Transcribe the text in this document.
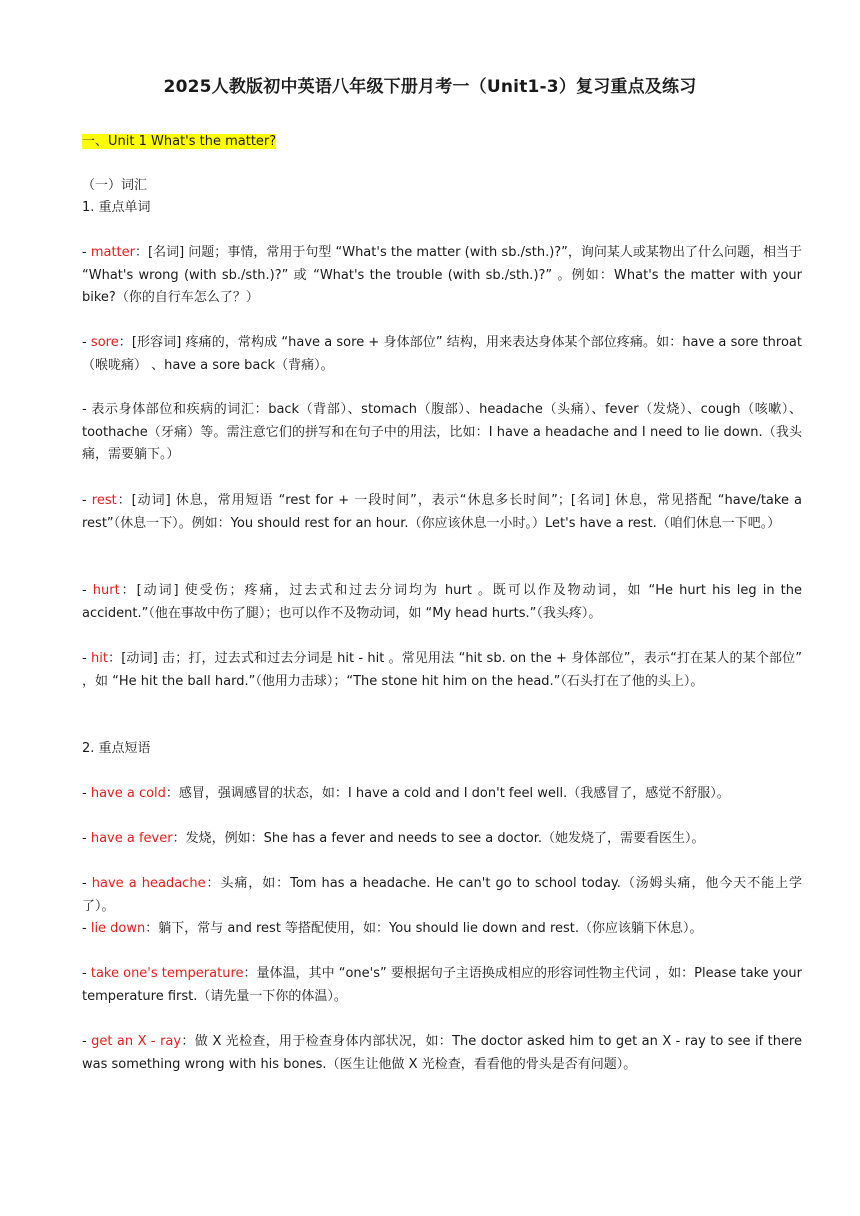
2025人教版初中英语八年级下册月考一（Unit1-3）复习重点及练习
一、Unit 1 What's the matter?
（一）词汇
1. 重点单词
- matter：[名词] 问题；事情，常用于句型 “What's the matter (with sb./sth.)?”，询问某人或某物出了什么问题，相当于 “What's wrong (with sb./sth.)?” 或 “What's the trouble (with sb./sth.)?” 。例如：What's the matter with your bike?（你的自行车怎么了？）
- sore：[形容词] 疼痛的，常构成 “have a sore + 身体部位” 结构，用来表达身体某个部位疼痛。如：have a sore throat（喉咙痛） 、have a sore back（背痛）。
- 表示身体部位和疾病的词汇：back（背部）、stomach（腹部）、headache（头痛）、fever（发烧）、cough（咳嗽）、toothache（牙痛）等。需注意它们的拼写和在句子中的用法，比如：I have a headache and I need to lie down.（我头痛，需要躺下。）
- rest：[动词] 休息，常用短语 “rest for + 一段时间”，表示“休息多长时间”；[名词] 休息，常见搭配 “have/take a rest”（休息一下）。例如：You should rest for an hour.（你应该休息一小时。）Let's have a rest.（咱们休息一下吧。）
- hurt：[动词] 使受伤；疼痛，过去式和过去分词均为 hurt 。既可以作及物动词，如 “He hurt his leg in the accident.”（他在事故中伤了腿）；也可以作不及物动词，如 “My head hurts.”（我头疼）。
- hit：[动词] 击；打，过去式和过去分词是 hit - hit 。常见用法 “hit sb. on the + 身体部位”，表示“打在某人的某个部位” ，如 “He hit the ball hard.”（他用力击球）；“The stone hit him on the head.”（石头打在了他的头上）。
2. 重点短语
- have a cold：感冒，强调感冒的状态，如：I have a cold and I don't feel well.（我感冒了，感觉不舒服）。
- have a fever：发烧，例如：She has a fever and needs to see a doctor.（她发烧了，需要看医生）。
- have a headache：头痛，如：Tom has a headache. He can't go to school today.（汤姆头痛，他今天不能上学了）。
- lie down：躺下，常与 and rest 等搭配使用，如：You should lie down and rest.（你应该躺下休息）。
- take one's temperature：量体温，其中 “one's” 要根据句子主语换成相应的形容词性物主代词 ，如：Please take your temperature first.（请先量一下你的体温）。
- get an X - ray：做 X 光检查，用于检查身体内部状况，如：The doctor asked him to get an X - ray to see if there was something wrong with his bones.（医生让他做 X 光检查，看看他的骨头是否有问题）。
